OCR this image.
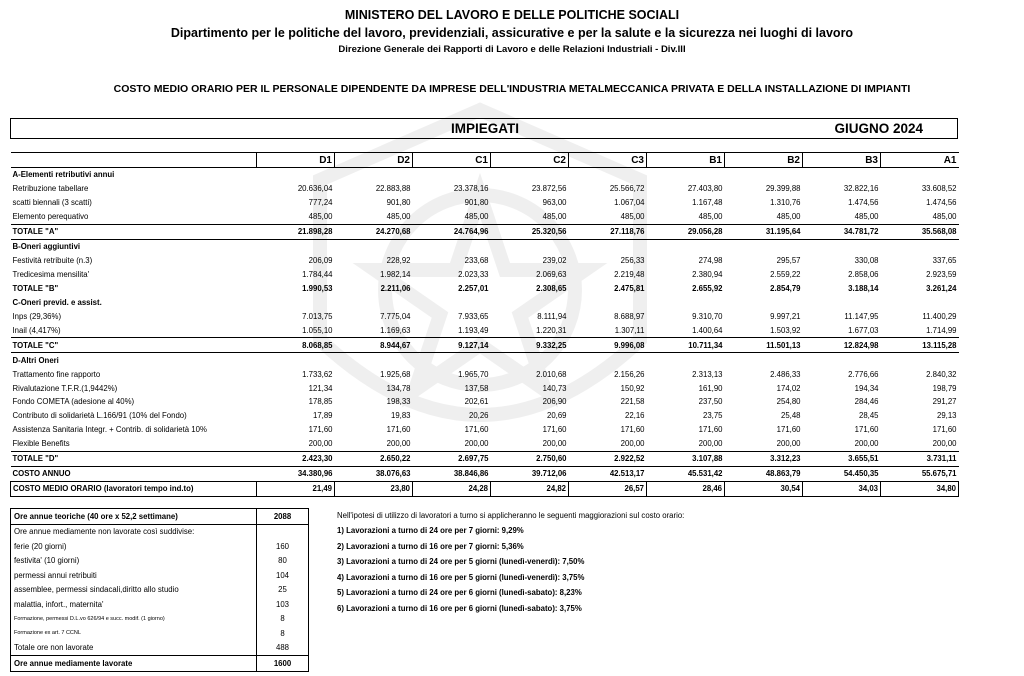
MINISTERO DEL LAVORO E DELLE POLITICHE SOCIALI
Dipartimento per le politiche del lavoro, previdenziali, assicurative e per la salute e la sicurezza nei luoghi di lavoro
Direzione Generale dei Rapporti di Lavoro e delle Relazioni Industriali - Div.III
COSTO MEDIO ORARIO PER IL PERSONALE DIPENDENTE DA IMPRESE DELL'INDUSTRIA METALMECCANICA PRIVATA E DELLA INSTALLAZIONE DI IMPIANTI
IMPIEGATI	GIUGNO 2024
	D1	D2	C1	C2	C3	B1	B2	B3	A1
A-Elementi retributivi annui									
Retribuzione tabellare	20.636,04	22.883,88	23.378,16	23.872,56	25.566,72	27.403,80	29.399,88	32.822,16	33.608,52
scatti biennali (3 scatti)	777,24	901,80	901,80	963,00	1.067,04	1.167,48	1.310,76	1.474,56	1.474,56
Elemento perequativo	485,00	485,00	485,00	485,00	485,00	485,00	485,00	485,00	485,00
TOTALE "A"	21.898,28	24.270,68	24.764,96	25.320,56	27.118,76	29.056,28	31.195,64	34.781,72	35.568,08
B-Oneri aggiuntivi									
Festività retribuite (n.3)	206,09	228,92	233,68	239,02	256,33	274,98	295,57	330,08	337,65
Tredicesima mensilita'	1.784,44	1.982,14	2.023,33	2.069,63	2.219,48	2.380,94	2.559,22	2.858,06	2.923,59
TOTALE "B"	1.990,53	2.211,06	2.257,01	2.308,65	2.475,81	2.655,92	2.854,79	3.188,14	3.261,24
C-Oneri previd. e assist.									
Inps (29,36%)	7.013,75	7.775,04	7.933,65	8.111,94	8.688,97	9.310,70	9.997,21	11.147,95	11.400,29
Inail (4,417%)	1.055,10	1.169,63	1.193,49	1.220,31	1.307,11	1.400,64	1.503,92	1.677,03	1.714,99
TOTALE "C"	8.068,85	8.944,67	9.127,14	9.332,25	9.996,08	10.711,34	11.501,13	12.824,98	13.115,28
D-Altri Oneri									
Trattamento fine rapporto	1.733,62	1.925,68	1.965,70	2.010,68	2.156,26	2.313,13	2.486,33	2.776,66	2.840,32
Rivalutazione T.F.R.(1,9442%)	121,34	134,78	137,58	140,73	150,92	161,90	174,02	194,34	198,79
Fondo COMETA (adesione al 40%)	178,85	198,33	202,61	206,90	221,58	237,50	254,80	284,46	291,27
Contributo di solidarietà L.166/91 (10% del Fondo)	17,89	19,83	20,26	20,69	22,16	23,75	25,48	28,45	29,13
Assistenza Sanitaria Integr. + Contrib. di solidarietà 10%	171,60	171,60	171,60	171,60	171,60	171,60	171,60	171,60	171,60
Flexible Benefits	200,00	200,00	200,00	200,00	200,00	200,00	200,00	200,00	200,00
TOTALE "D"	2.423,30	2.650,22	2.697,75	2.750,60	2.922,52	3.107,88	3.312,23	3.655,51	3.731,11
COSTO ANNUO	34.380,96	38.076,63	38.846,86	39.712,06	42.513,17	45.531,42	48.863,79	54.450,35	55.675,71
COSTO MEDIO ORARIO (lavoratori tempo ind.to)	21,49	23,80	24,28	24,82	26,57	28,46	30,54	34,03	34,80
Ore annue teoriche (40 ore x 52,2 settimane)	2088
Ore annue mediamente non lavorate così suddivise:	
ferie (20 giorni)	160
festivita' (10 giorni)	80
permessi annui retribuiti	104
assemblee, permessi sindacali,diritto allo studio	25
malattia, infort., maternita'	103
Formazione, permessi D.L.vo 626/94 e succ. modif. (1 giorno)	8
Formazione ex art. 7 CCNL	8
Totale ore non lavorate	488
Ore annue mediamente lavorate	1600
Nell'ipotesi di utilizzo di lavoratori a turno si applicheranno le seguenti maggiorazioni sul costo orario:
1) Lavorazioni a turno di 24 ore per 7 giorni: 9,29%
2) Lavorazioni a turno di 16 ore per 7 giorni: 5,36%
3) Lavorazioni a turno di 24 ore per 5 giorni (lunedì-venerdì): 7,50%
4) Lavorazioni a turno di 16 ore per 5 giorni (lunedì-venerdì): 3,75%
5) Lavorazioni a turno di 24 ore per 6 giorni (lunedì-sabato): 8,23%
6) Lavorazioni a turno di 16 ore per 6 giorni (lunedì-sabato): 3,75%
